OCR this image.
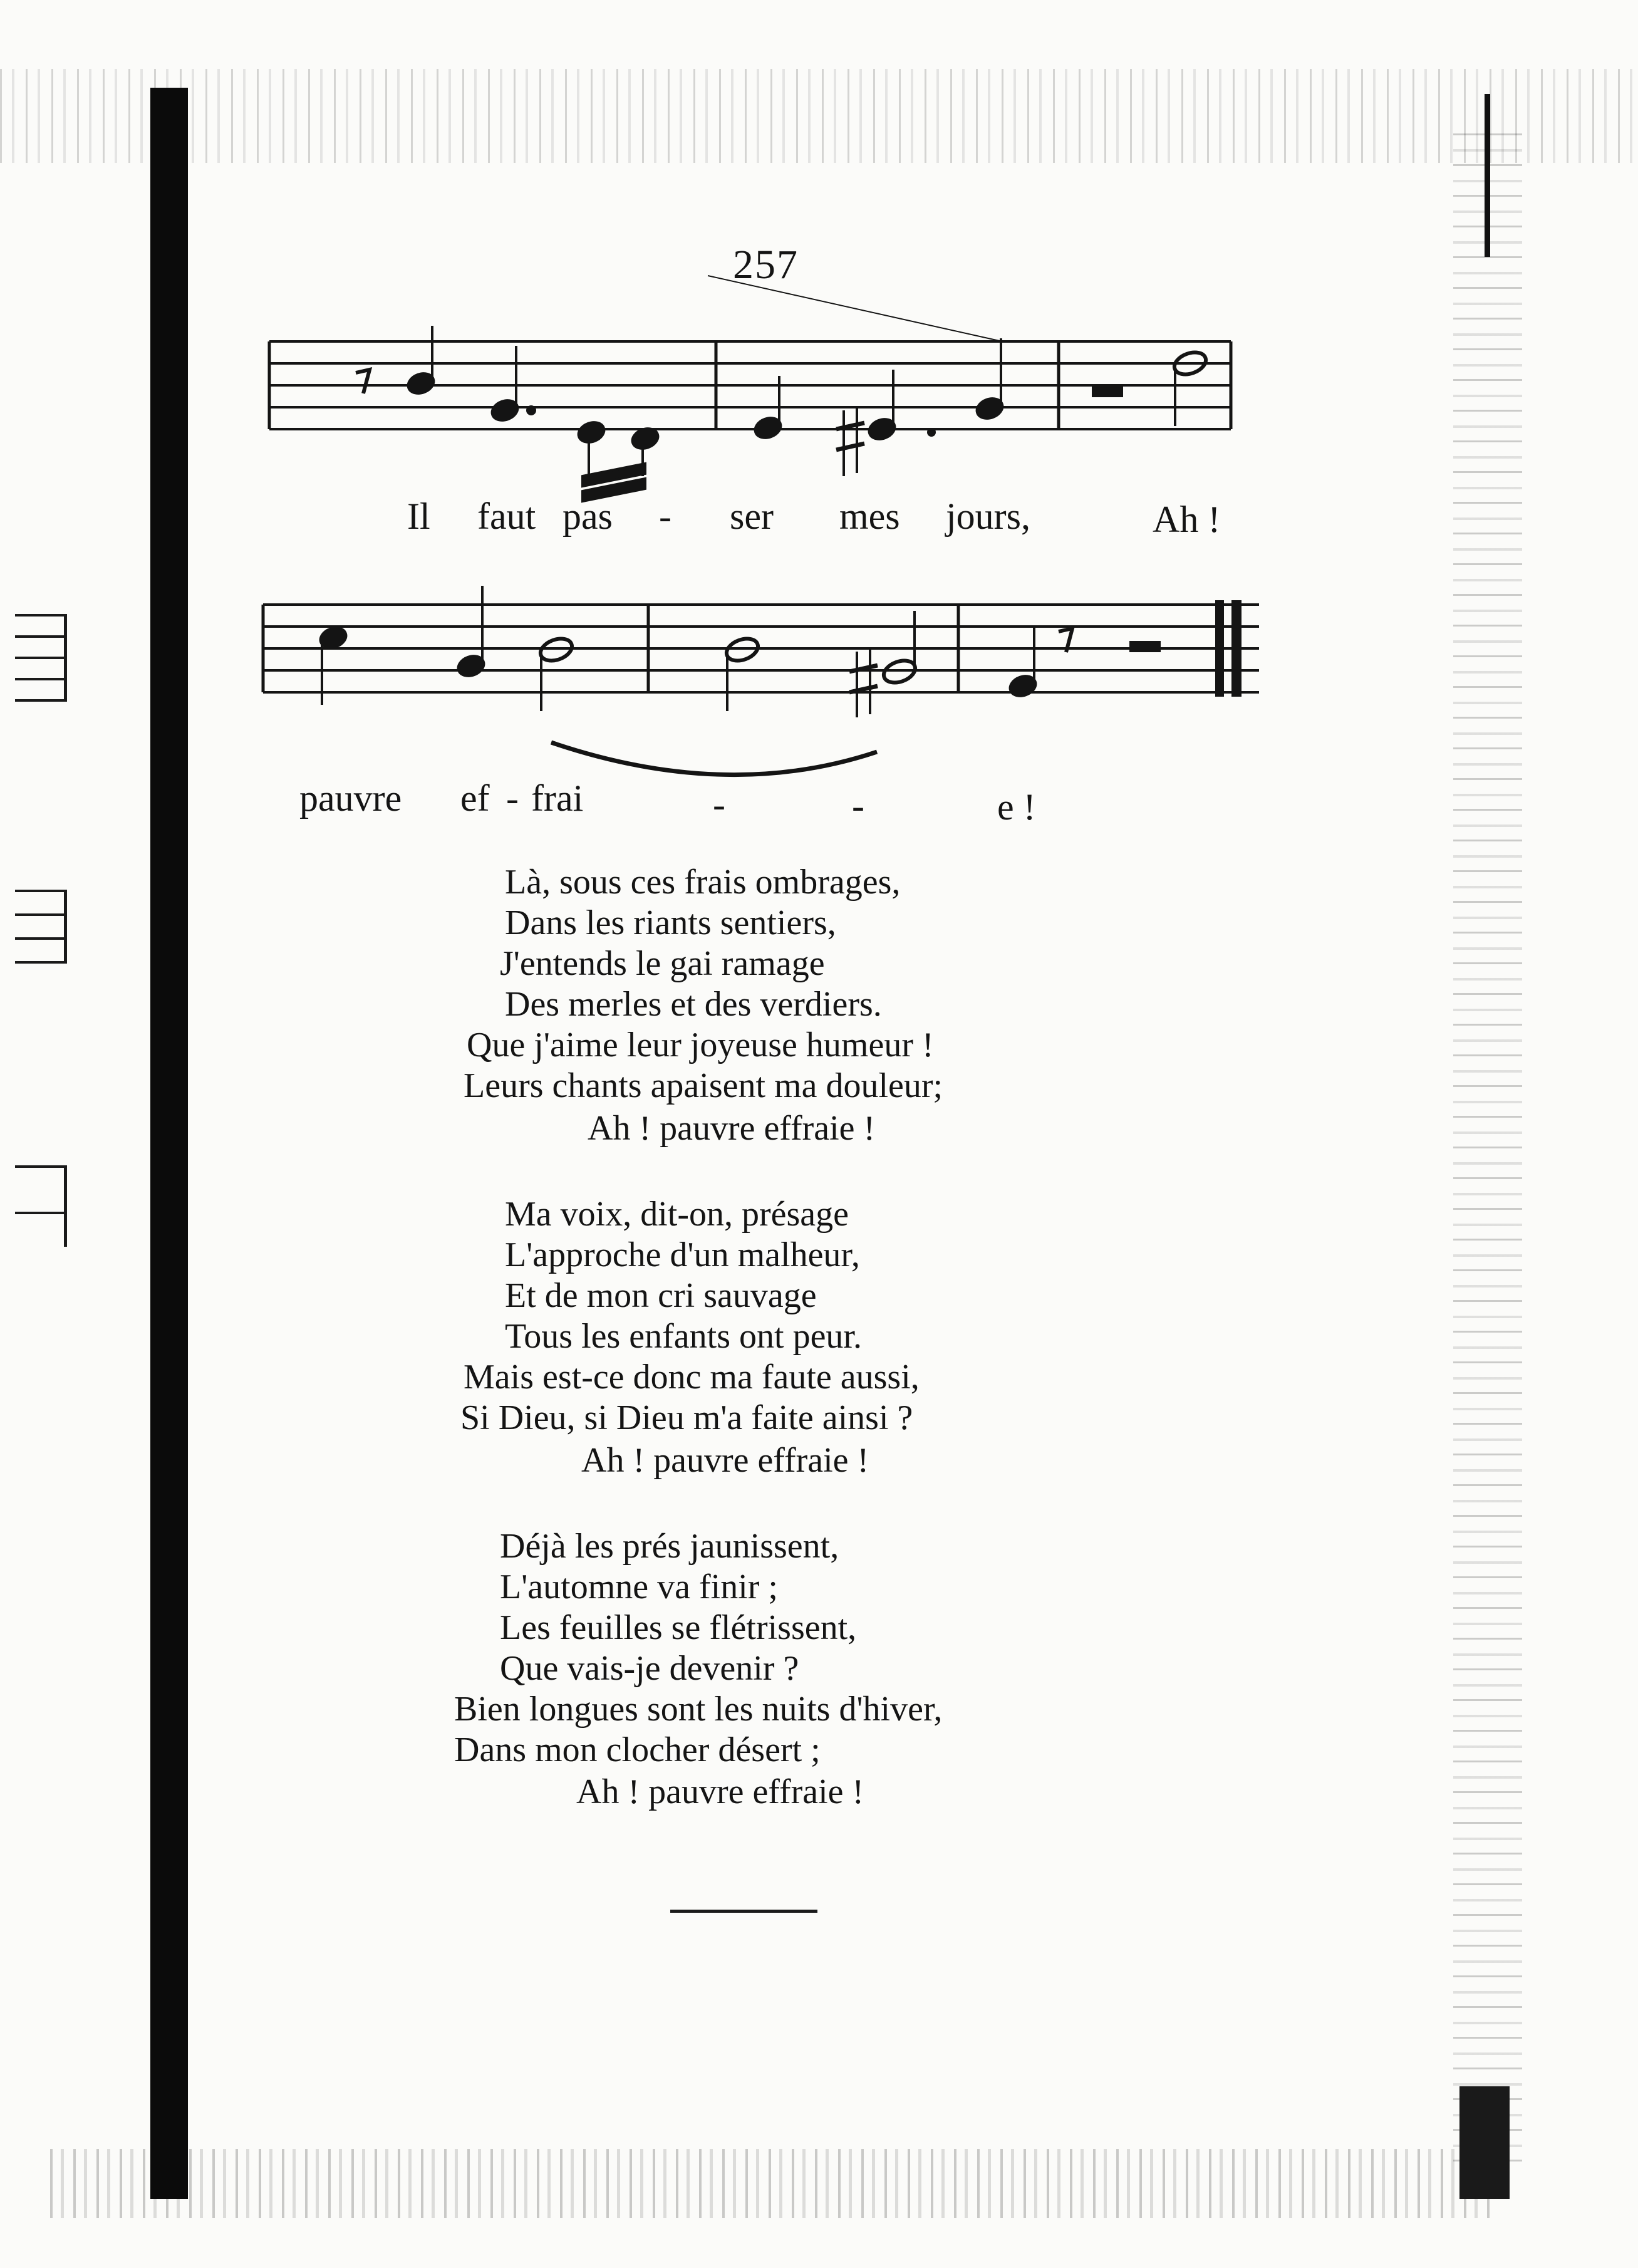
257
Il faut pas - ser mes jours,	Ah !
pauvre ef - frai	-	-	e !
Là, sous ces frais ombrages,
Dans les riants sentiers,
J'entends le gai ramage
Des merles et des verdiers.
Que j'aime leur joyeuse humeur !
Leurs chants apaisent ma douleur;
Ah ! pauvre effraie !
Ma voix, dit-on, présage
L'approche d'un malheur,
Et de mon cri sauvage
Tous les enfants ont peur.
Mais est-ce donc ma faute aussi,
Si Dieu, si Dieu m'a faite ainsi ?
Ah ! pauvre effraie !
Déjà les prés jaunissent,
L'automne va finir ;
Les feuilles se flétrissent,
Que vais-je devenir ?
Bien longues sont les nuits d'hiver,
Dans mon clocher désert ;
Ah ! pauvre effraie !
